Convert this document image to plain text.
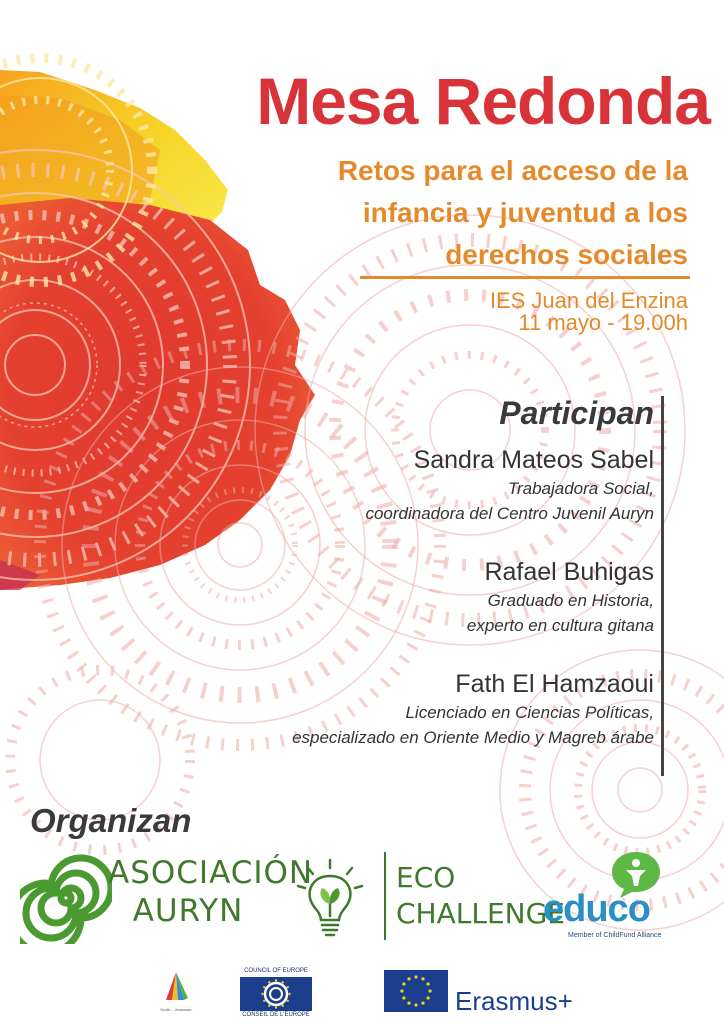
Mesa Redonda

Retos para el acceso de la
infancia y juventud a los
derechos sociales

IES Juan del Enzina
11 mayo - 19.00h

Participan
Sandra Mateos Sabel
Trabajadora Social,
coordinadora del Centro Juvenil Auryn
Rafael Buhigas
Graduado en Historia,
experto en cultura gitana
Fath El Hamzaoui
Licenciado en Ciencias Políticas,
especializado en Oriente Medio y Magreb árabe
Organizan
ASOCIACIÓN
AURYN
ECO
CHALLENGE
educo
Member of ChildFund Alliance
Youth – Jeunesse
COUNCIL OF EUROPE
CONSEIL DE L'EUROPE	Erasmus+
